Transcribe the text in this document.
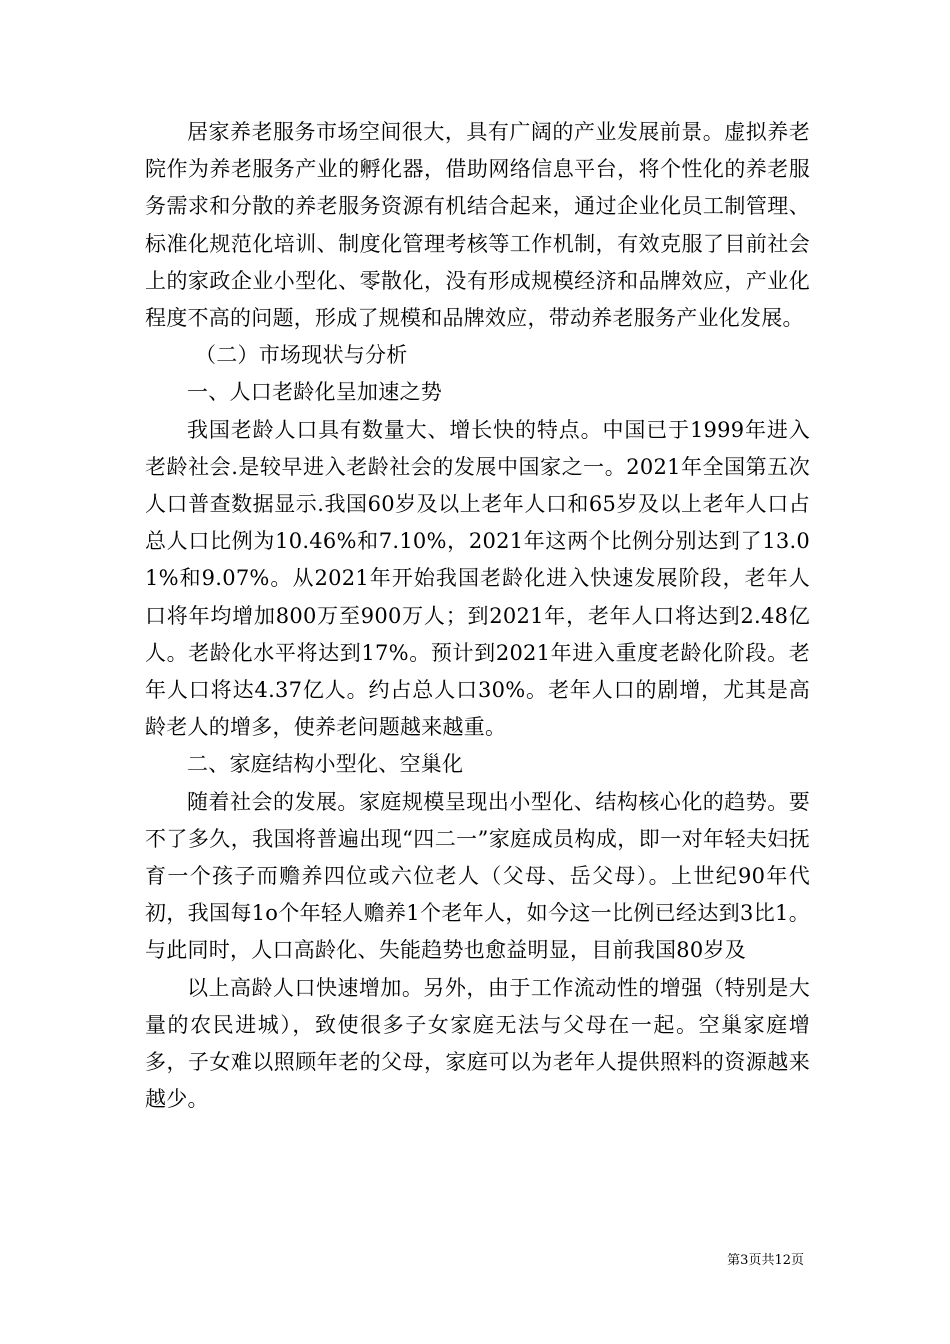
居家养老服务市场空间很大，具有广阔的产业发展前景。虚拟养老院作为养老服务产业的孵化器，借助网络信息平台，将个性化的养老服务需求和分散的养老服务资源有机结合起来，通过企业化员工制管理、标准化规范化培训、制度化管理考核等工作机制，有效克服了目前社会上的家政企业小型化、零散化，没有形成规模经济和品牌效应，产业化程度不高的问题，形成了规模和品牌效应，带动养老服务产业化发展。

（二）市场现状与分析

一、人口老龄化呈加速之势

我国老龄人口具有数量大、增长快的特点。中国已于1999年进入老龄社会.是较早进入老龄社会的发展中国家之一。2021年全国第五次人口普查数据显示.我国60岁及以上老年人口和65岁及以上老年人口占总人口比例为10.46%和7.10%，2021年这两个比例分别达到了13.01%和9.07%。从2021年开始我国老龄化进入快速发展阶段，老年人口将年均增加800万至900万人；到2021年，老年人口将达到2.48亿人。老龄化水平将达到17%。预计到2021年进入重度老龄化阶段。老年人口将达4.37亿人。约占总人口30%。老年人口的剧增，尤其是高龄老人的增多，使养老问题越来越重。

二、家庭结构小型化、空巢化

随着社会的发展。家庭规模呈现出小型化、结构核心化的趋势。要不了多久，我国将普遍出现“四二一”家庭成员构成，即一对年轻夫妇抚育一个孩子而赡养四位或六位老人（父母、岳父母）。上世纪90年代初，我国每1o个年轻人赡养1个老年人，如今这一比例已经达到3比1。与此同时，人口高龄化、失能趋势也愈益明显，目前我国80岁及

以上高龄人口快速增加。另外，由于工作流动性的增强（特别是大量的农民进城），致使很多子女家庭无法与父母在一起。空巢家庭增多，子女难以照顾年老的父母，家庭可以为老年人提供照料的资源越来越少。

第3页共12页
